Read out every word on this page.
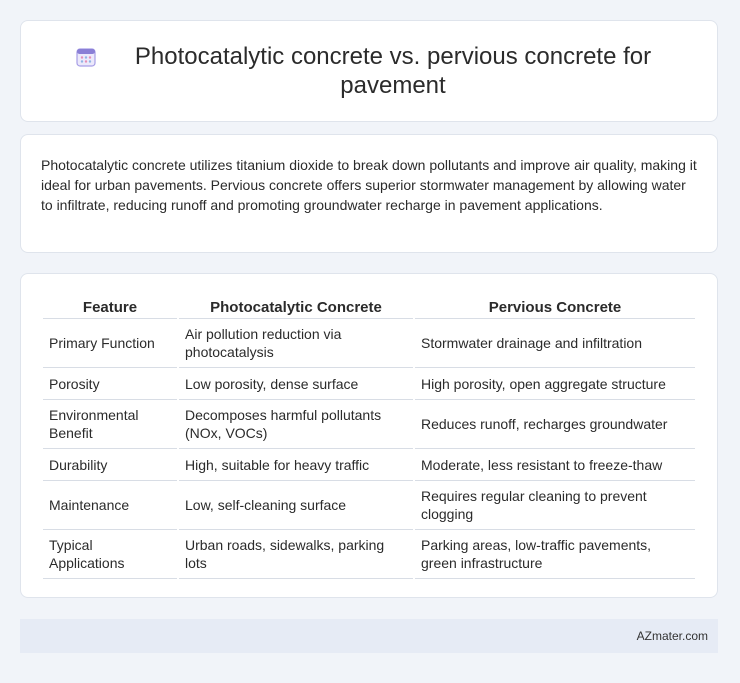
Photocatalytic concrete vs. pervious concrete for pavement

Photocatalytic concrete utilizes titanium dioxide to break down pollutants and improve air quality, making it ideal for urban pavements. Pervious concrete offers superior stormwater management by allowing water to infiltrate, reducing runoff and promoting groundwater recharge in pavement applications.

Feature	Photocatalytic Concrete	Pervious Concrete
Primary Function	Air pollution reduction via photocatalysis	Stormwater drainage and infiltration
Porosity	Low porosity, dense surface	High porosity, open aggregate structure
Environmental Benefit	Decomposes harmful pollutants (NOx, VOCs)	Reduces runoff, recharges groundwater
Durability	High, suitable for heavy traffic	Moderate, less resistant to freeze-thaw
Maintenance	Low, self-cleaning surface	Requires regular cleaning to prevent clogging
Typical Applications	Urban roads, sidewalks, parking lots	Parking areas, low-traffic pavements, green infrastructure
AZmater.com
